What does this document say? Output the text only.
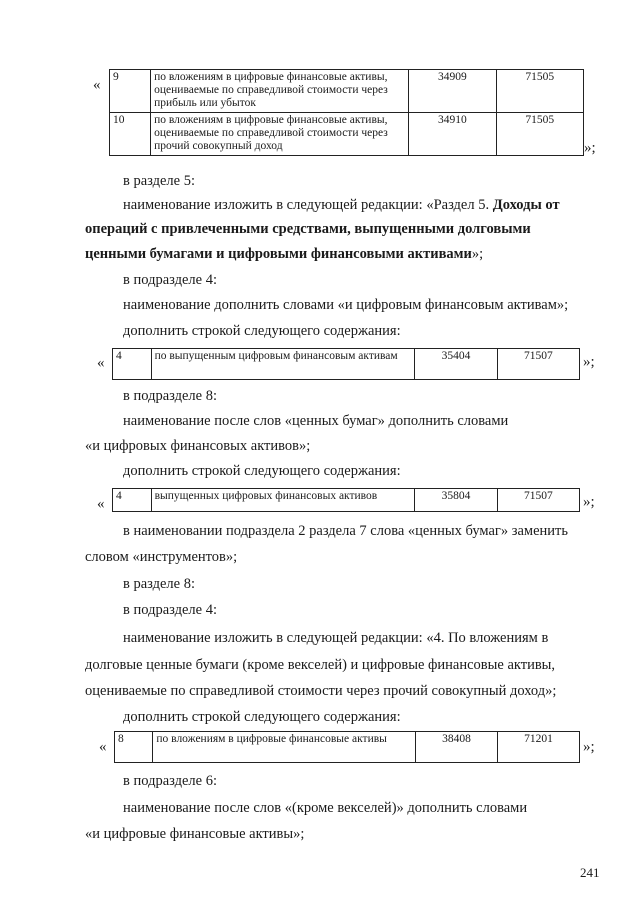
« 9	по вложениям в цифровые финансовые активы, оцениваемые по справедливой стоимости через прибыль или убыток	34909	71505
10	по вложениям в цифровые финансовые активы, оцениваемые по справедливой стоимости через прочий совокупный доход	34910	71505
»;
в разделе 5:
наименование изложить в следующей редакции: «Раздел 5. Доходы от
операций с привлеченными средствами, выпущенными долговыми
ценными бумагами и цифровыми финансовыми активами»;
в подразделе 4:
наименование дополнить словами «и цифровым финансовым активам»;
дополнить строкой следующего содержания:
« 4	по выпущенным цифровым финансовым активам	35404	71507 »;
в подразделе 8:
наименование после слов «ценных бумаг» дополнить словами
«и цифровых финансовых активов»;
дополнить строкой следующего содержания:
« 4	выпущенных цифровых финансовых активов	35804	71507 »;
в наименовании подраздела 2 раздела 7 слова «ценных бумаг» заменить
словом «инструментов»;
в разделе 8:
в подразделе 4:
наименование изложить в следующей редакции: «4. По вложениям в
долговые ценные бумаги (кроме векселей) и цифровые финансовые активы,
оцениваемые по справедливой стоимости через прочий совокупный доход»;
дополнить строкой следующего содержания:
« 8	по вложениям в цифровые финансовые активы	38408	71201 »;
в подразделе 6:
наименование после слов «(кроме векселей)» дополнить словами
«и цифровые финансовые активы»;
241
